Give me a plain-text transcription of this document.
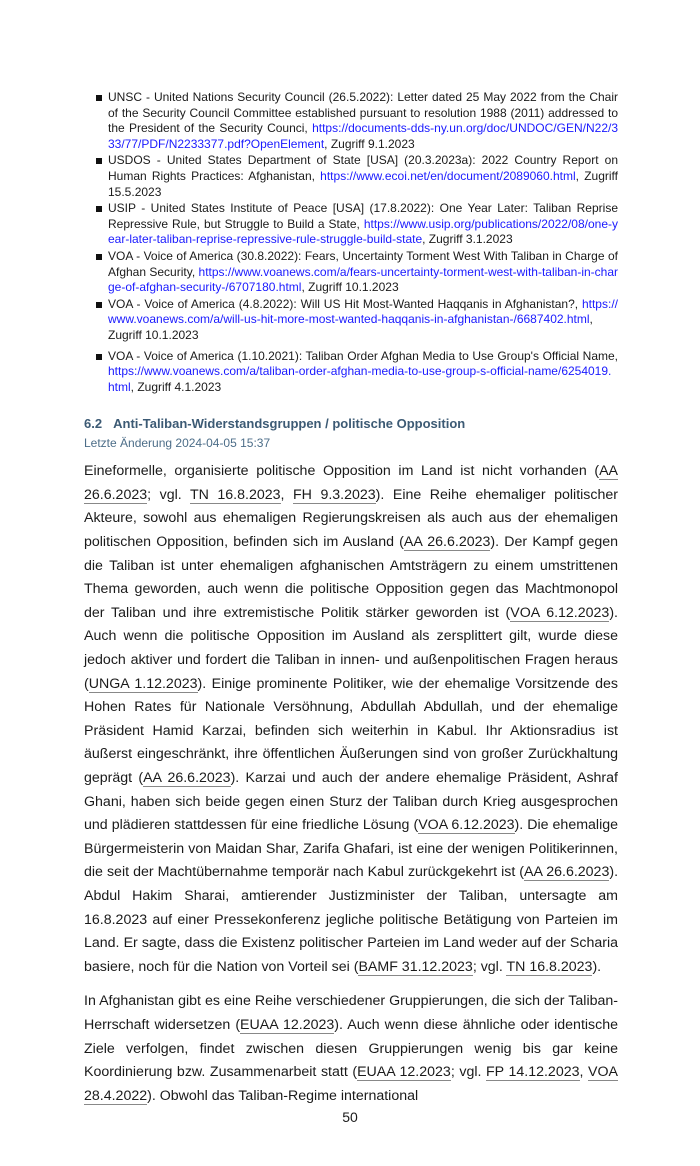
UNSC - United Nations Security Council (26.5.2022): Letter dated 25 May 2022 from the Chair of the Security Council Committee established pursuant to resolution 1988 (2011) addressed to the President of the Security Counci, https://documents-dds-ny.un.org/doc/UNDOC/GEN/N22/333/77/PDF/N2233377.pdf?OpenElement, Zugriff 9.1.2023
USDOS - United States Department of State [USA] (20.3.2023a): 2022 Country Report on Human Rights Practices: Afghanistan, https://www.ecoi.net/en/document/2089060.html, Zugriff 15.5.2023
USIP - United States Institute of Peace [USA] (17.8.2022): One Year Later: Taliban Reprise Repressive Rule, but Struggle to Build a State, https://www.usip.org/publications/2022/08/one-year-later-taliban-reprise-repressive-rule-struggle-build-state, Zugriff 3.1.2023
VOA - Voice of America (30.8.2022): Fears, Uncertainty Torment West With Taliban in Charge of Afghan Security, https://www.voanews.com/a/fears-uncertainty-torment-west-with-taliban-in-charge-of-afghan-security-/6707180.html, Zugriff 10.1.2023
VOA - Voice of America (4.8.2022): Will US Hit Most-Wanted Haqqanis in Afghanistan?, https://www.voanews.com/a/will-us-hit-more-most-wanted-haqqanis-in-afghanistan-/6687402.html, Zugriff 10.1.2023
VOA - Voice of America (1.10.2021): Taliban Order Afghan Media to Use Group's Official Name, https://www.voanews.com/a/taliban-order-afghan-media-to-use-group-s-official-name/6254019.html, Zugriff 4.1.2023
6.2 Anti-Taliban-Widerstandsgruppen / politische Opposition
Letzte Änderung 2024-04-05 15:37

Eineformelle, organisierte politische Opposition im Land ist nicht vorhanden (AA 26.6.2023; vgl. TN 16.8.2023, FH 9.3.2023). Eine Reihe ehemaliger politischer Akteure, sowohl aus ehemaligen Regierungskreisen als auch aus der ehemaligen politischen Opposition, befinden sich im Ausland (AA 26.6.2023). Der Kampf gegen die Taliban ist unter ehemaligen afghanischen Amtsträgern zu einem umstrittenen Thema geworden, auch wenn die politische Opposition gegen das Machtmonopol der Taliban und ihre extremistische Politik stärker geworden ist (VOA 6.12.2023). Auch wenn die politische Opposition im Ausland als zersplittert gilt, wurde diese jedoch aktiver und fordert die Taliban in innen- und außenpolitischen Fragen heraus (UNGA 1.12.2023). Einige prominente Politiker, wie der ehemalige Vorsitzende des Hohen Rates für Nationale Versöhnung, Abdullah Abdullah, und der ehemalige Präsident Hamid Karzai, befinden sich weiterhin in Kabul. Ihr Aktionsradius ist äußerst eingeschränkt, ihre öffentlichen Äußerungen sind von großer Zurückhaltung geprägt (AA 26.6.2023). Karzai und auch der andere ehemalige Präsident, Ashraf Ghani, haben sich beide gegen einen Sturz der Taliban durch Krieg ausgesprochen und plädieren stattdessen für eine friedliche Lösung (VOA 6.12.2023). Die ehemalige Bürgermeisterin von Maidan Shar, Zarifa Ghafari, ist eine der wenigen Politikerinnen, die seit der Machtübernahme temporär nach Kabul zurückgekehrt ist (AA 26.6.2023). Abdul Hakim Sharai, amtierender Justizminister der Taliban, untersagte am 16.8.2023 auf einer Pressekonferenz jegliche politische Betätigung von Parteien im Land. Er sagte, dass die Existenz politischer Parteien im Land weder auf der Scharia basiere, noch für die Nation von Vorteil sei (BAMF 31.12.2023; vgl. TN 16.8.2023).

In Afghanistan gibt es eine Reihe verschiedener Gruppierungen, die sich der Taliban-Herrschaft widersetzen (EUAA 12.2023). Auch wenn diese ähnliche oder identische Ziele verfolgen, findet zwischen diesen Gruppierungen wenig bis gar keine Koordinierung bzw. Zusammenarbeit statt (EUAA 12.2023; vgl. FP 14.12.2023, VOA 28.4.2022). Obwohl das Taliban-Regime international

50
